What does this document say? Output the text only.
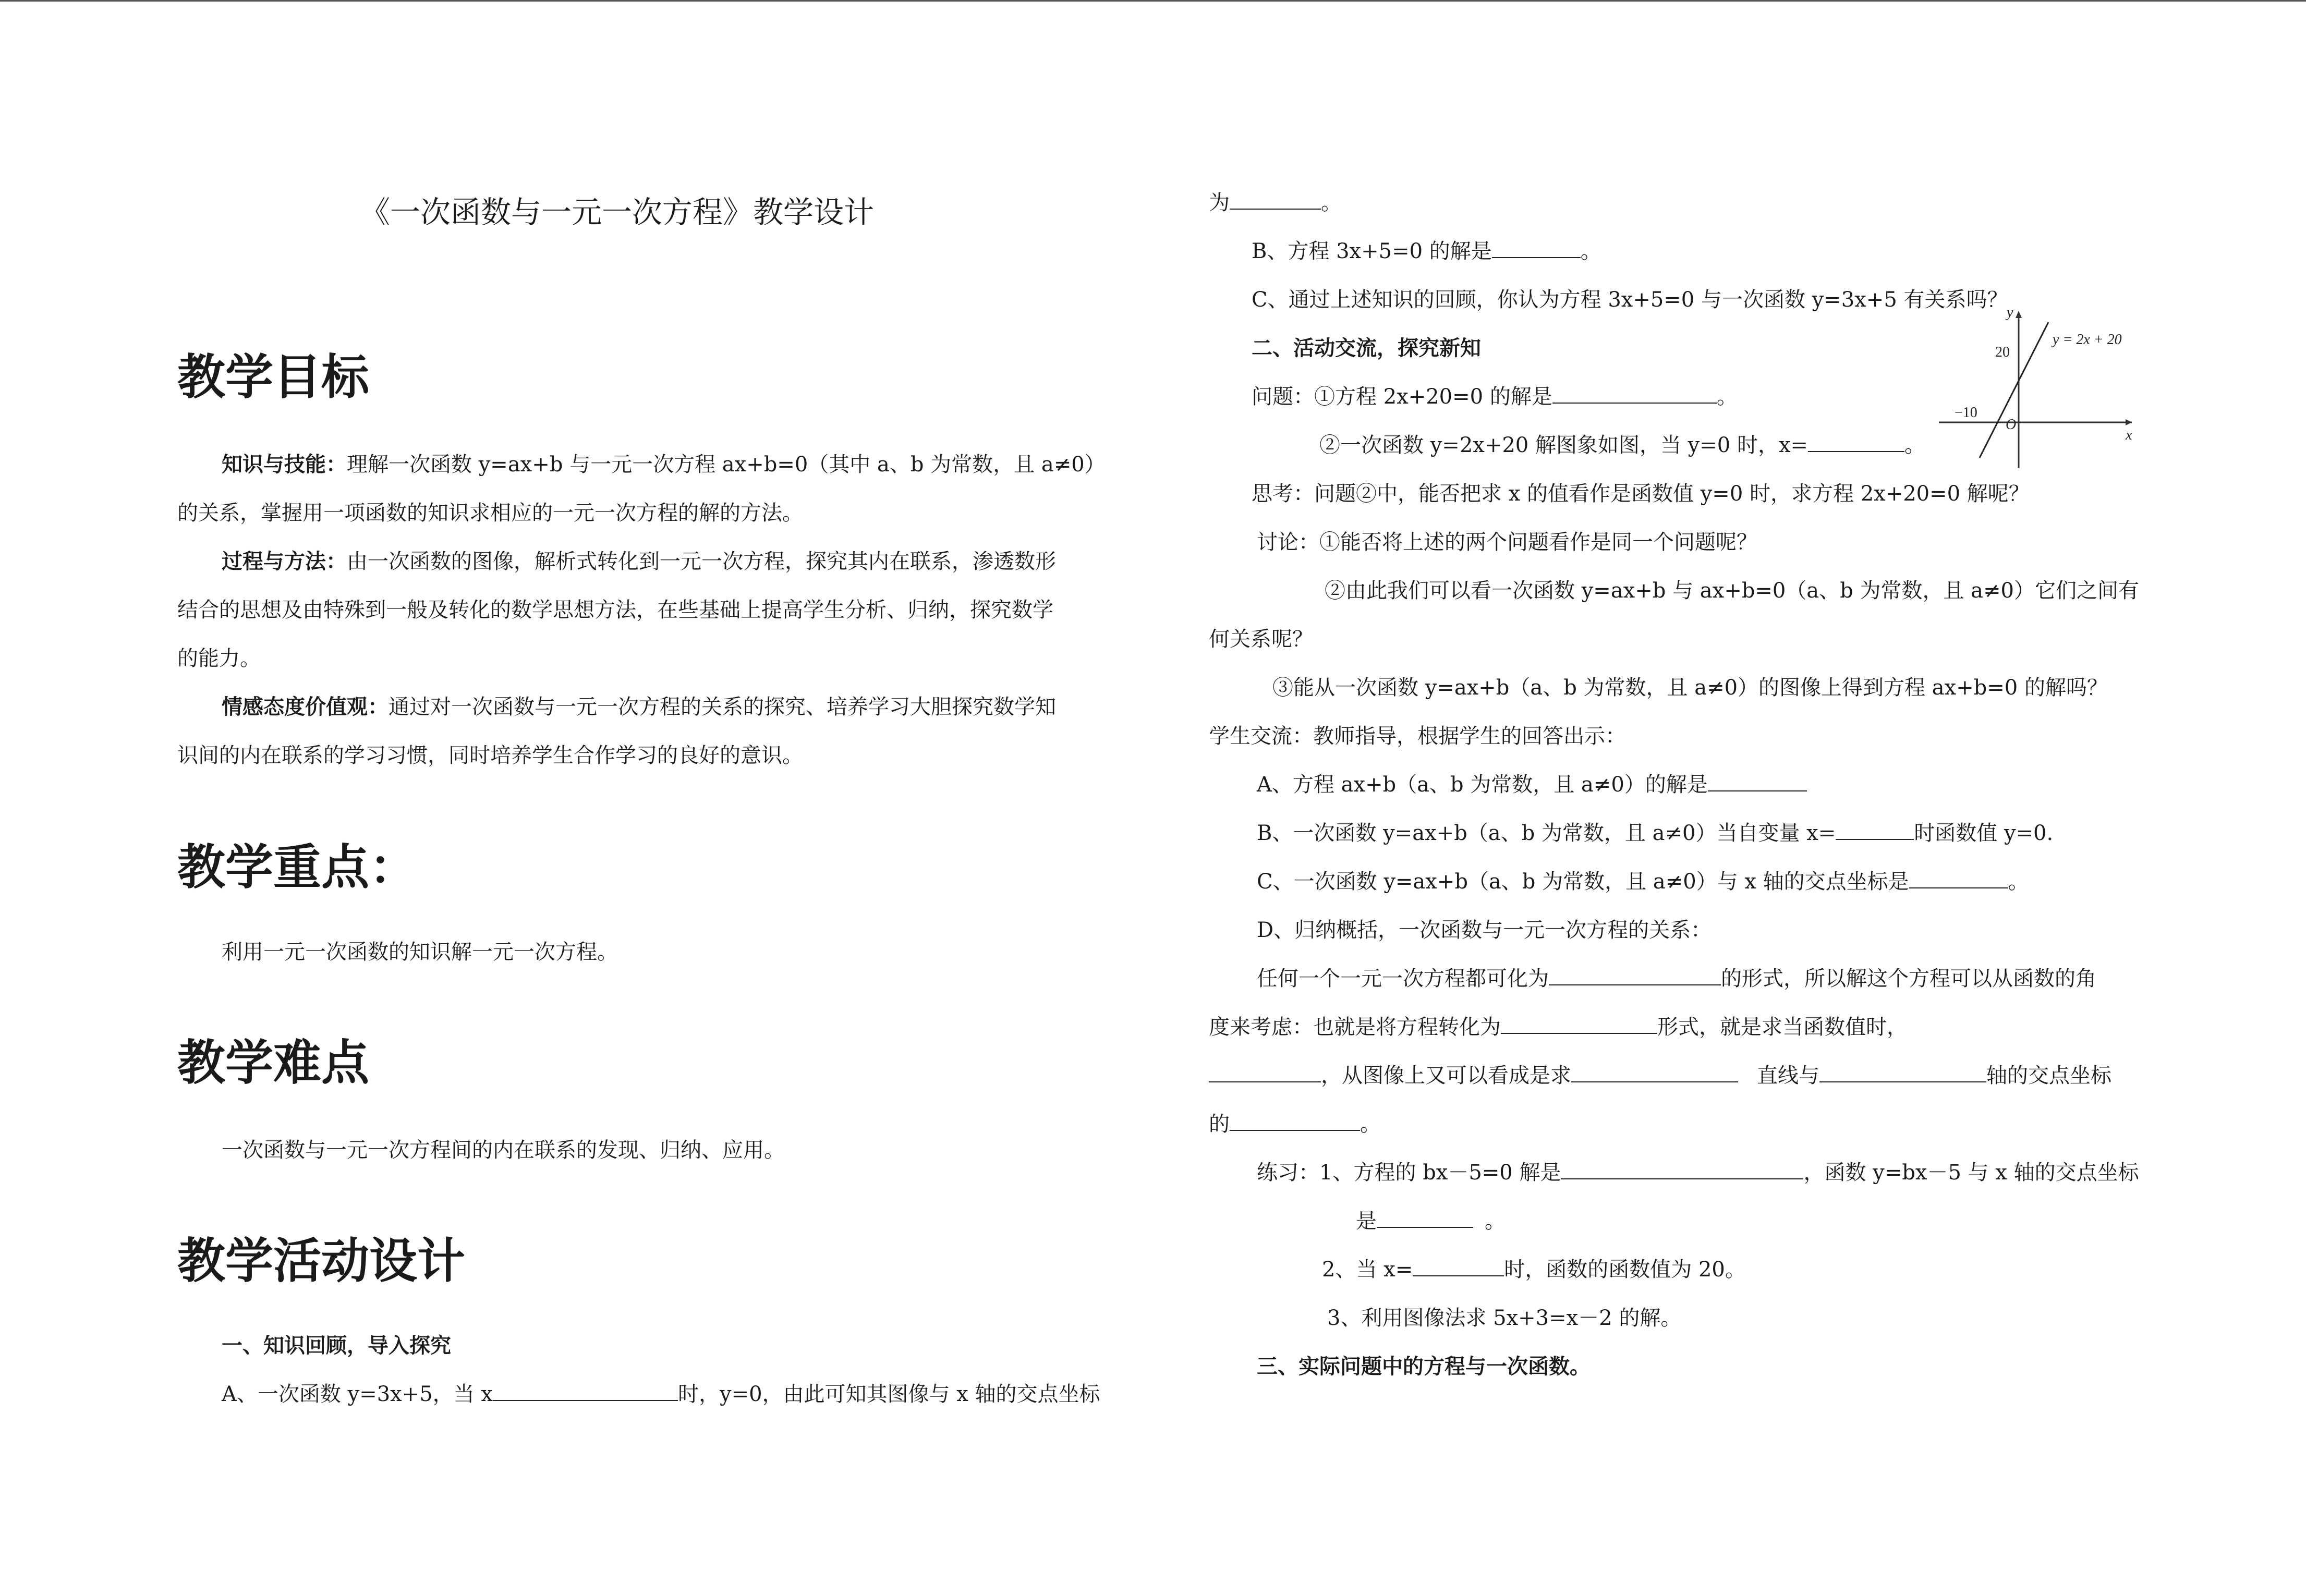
《一次函数与一元一次方程》教学设计
教学目标
知识与技能：理解一次函数 y=ax+b 与一元一次方程 ax+b=0（其中 a、b 为常数，且 a≠0）
的关系，掌握用一项函数的知识求相应的一元一次方程的解的方法。
过程与方法：由一次函数的图像，解析式转化到一元一次方程，探究其内在联系，渗透数形
结合的思想及由特殊到一般及转化的数学思想方法，在些基础上提高学生分析、归纳，探究数学
的能力。
情感态度价值观：通过对一次函数与一元一次方程的关系的探究、培养学习大胆探究数学知
识间的内在联系的学习习惯，同时培养学生合作学习的良好的意识。
教学重点：
利用一元一次函数的知识解一元一次方程。
教学难点
一次函数与一元一次方程间的内在联系的发现、归纳、应用。
教学活动设计
一、知识回顾，导入探究
A、一次函数 y=3x+5，当 x	时，y=0，由此可知其图像与 x 轴的交点坐标
为	。
B、方程 3x+5=0 的解是	。
C、通过上述知识的回顾，你认为方程 3x+5=0 与一次函数 y=3x+5 有关系吗？
二、活动交流，探究新知
问题：①方程 2x+20=0 的解是	。
②一次函数 y=2x+20 解图象如图，当 y=0 时，x=	。
y = 2x + 20
y
x
20
−10
O
思考：问题②中，能否把求 x 的值看作是函数值 y=0 时，求方程 2x+20=0 解呢？
讨论：①能否将上述的两个问题看作是同一个问题呢？
②由此我们可以看一次函数 y=ax+b 与 ax+b=0（a、b 为常数，且 a≠0）它们之间有
何关系呢？
③能从一次函数 y=ax+b（a、b 为常数，且 a≠0）的图像上得到方程 ax+b=0 的解吗？
学生交流：教师指导，根据学生的回答出示：
A、方程 ax+b（a、b 为常数，且 a≠0）的解是
B、一次函数 y=ax+b（a、b 为常数，且 a≠0）当自变量 x=	时函数值 y=0.
C、一次函数 y=ax+b（a、b 为常数，且 a≠0）与 x 轴的交点坐标是	。
D、归纳概括，一次函数与一元一次方程的关系：
任何一个一元一次方程都可化为	的形式，所以解这个方程可以从函数的角
度来考虑：也就是将方程转化为	形式，就是求当函数值时，
，从图像上又可以看成是求	直线与	轴的交点坐标
的	。
练习：1、方程的 bx－5=0 解是	，函数 y=bx－5 与 x 轴的交点坐标
是	。
2、当 x=	时，函数的函数值为 20。
3、利用图像法求 5x+3=x－2 的解。
三、实际问题中的方程与一次函数。
